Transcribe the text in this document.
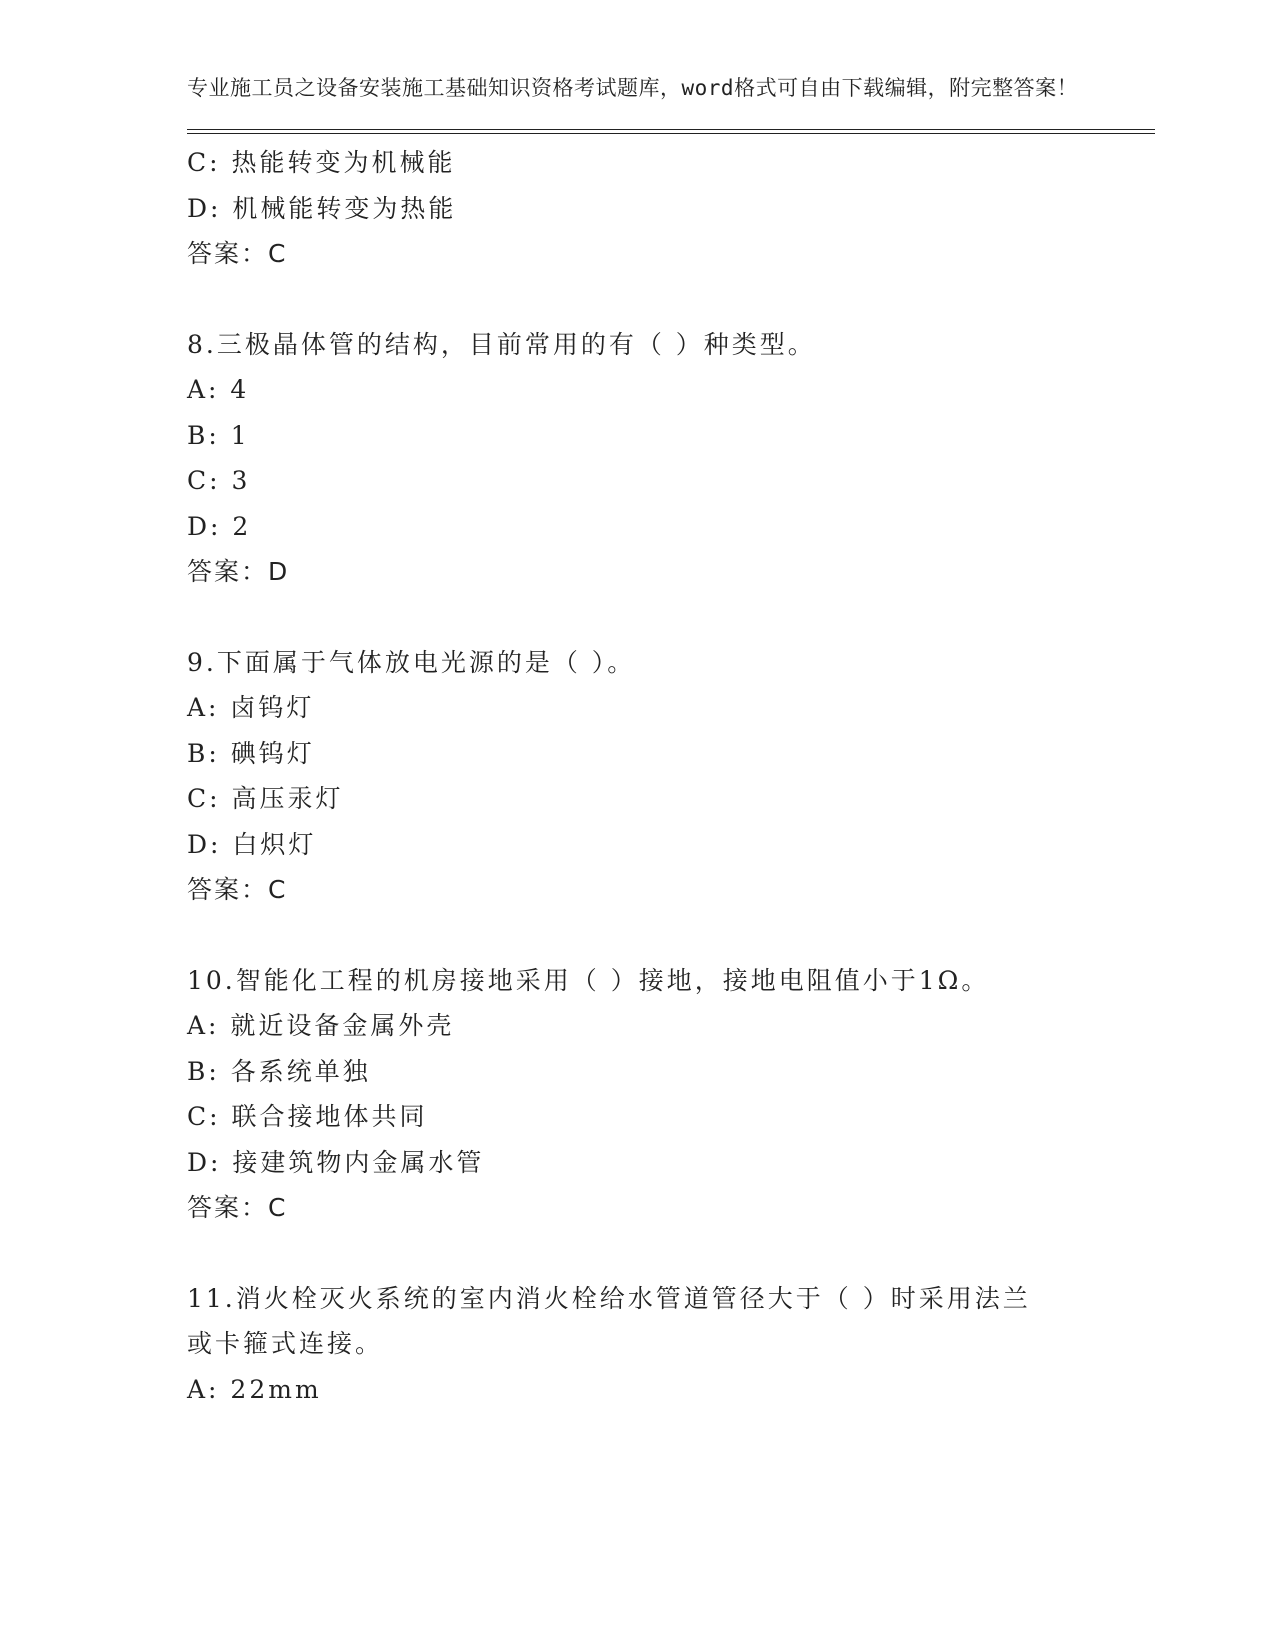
专业施工员之设备安装施工基础知识资格考试题库，word格式可自由下载编辑，附完整答案！
C: 热能转变为机械能
D: 机械能转变为热能
答案：C
8.三极晶体管的结构，目前常用的有（ ）种类型。
A: 4
B: 1
C: 3
D: 2
答案：D
9.下面属于气体放电光源的是（ ）。
A: 卤钨灯
B: 碘钨灯
C: 高压汞灯
D: 白炽灯
答案：C
10.智能化工程的机房接地采用（ ）接地，接地电阻值小于1Ω。
A: 就近设备金属外壳
B: 各系统单独
C: 联合接地体共同
D: 接建筑物内金属水管
答案：C
11.消火栓灭火系统的室内消火栓给水管道管径大于（ ）时采用法兰或卡箍式连接。
A: 22mm
